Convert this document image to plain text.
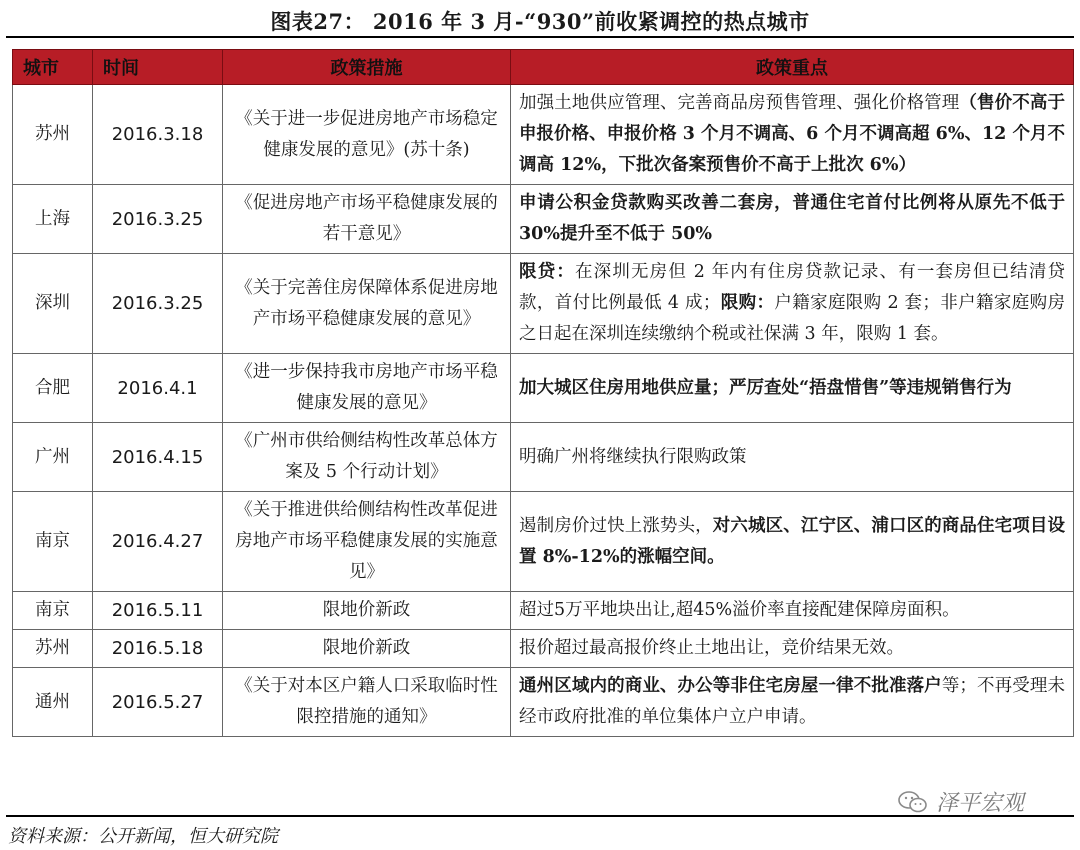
图表27： 2016 年 3 月-“930”前收紧调控的热点城市
城市	时间	政策措施	政策重点
苏州	2016.3.18	《关于进一步促进房地产市场稳定健康发展的意见》(苏十条)	加强土地供应管理、完善商品房预售管理、强化价格管理（售价不高于申报价格、申报价格 3 个月不调高、6 个月不调高超 6%、12 个月不调高 12%，下批次备案预售价不高于上批次 6%）
上海	2016.3.25	《促进房地产市场平稳健康发展的若干意见》	申请公积金贷款购买改善二套房，普通住宅首付比例将从原先不低于 30%提升至不低于 50%
深圳	2016.3.25	《关于完善住房保障体系促进房地产市场平稳健康发展的意见》	限贷：在深圳无房但 2 年内有住房贷款记录、有一套房但已结清贷款，首付比例最低 4 成；限购：户籍家庭限购 2 套；非户籍家庭购房之日起在深圳连续缴纳个税或社保满 3 年，限购 1 套。
合肥	2016.4.1	《进一步保持我市房地产市场平稳健康发展的意见》	加大城区住房用地供应量；严厉查处“捂盘惜售”等违规销售行为
广州	2016.4.15	《广州市供给侧结构性改革总体方案及 5 个行动计划》	明确广州将继续执行限购政策
南京	2016.4.27	《关于推进供给侧结构性改革促进房地产市场平稳健康发展的实施意见》	遏制房价过快上涨势头，对六城区、江宁区、浦口区的商品住宅项目设置 8%-12%的涨幅空间。
南京	2016.5.11	限地价新政	超过5万平地块出让,超45%溢价率直接配建保障房面积。
苏州	2016.5.18	限地价新政	报价超过最高报价终止土地出让，竞价结果无效。
通州	2016.5.27	《关于对本区户籍人口采取临时性限控措施的通知》	通州区域内的商业、办公等非住宅房屋一律不批准落户等；不再受理未经市政府批准的单位集体户立户申请。
资料来源：公开新闻，恒大研究院
泽平宏观
